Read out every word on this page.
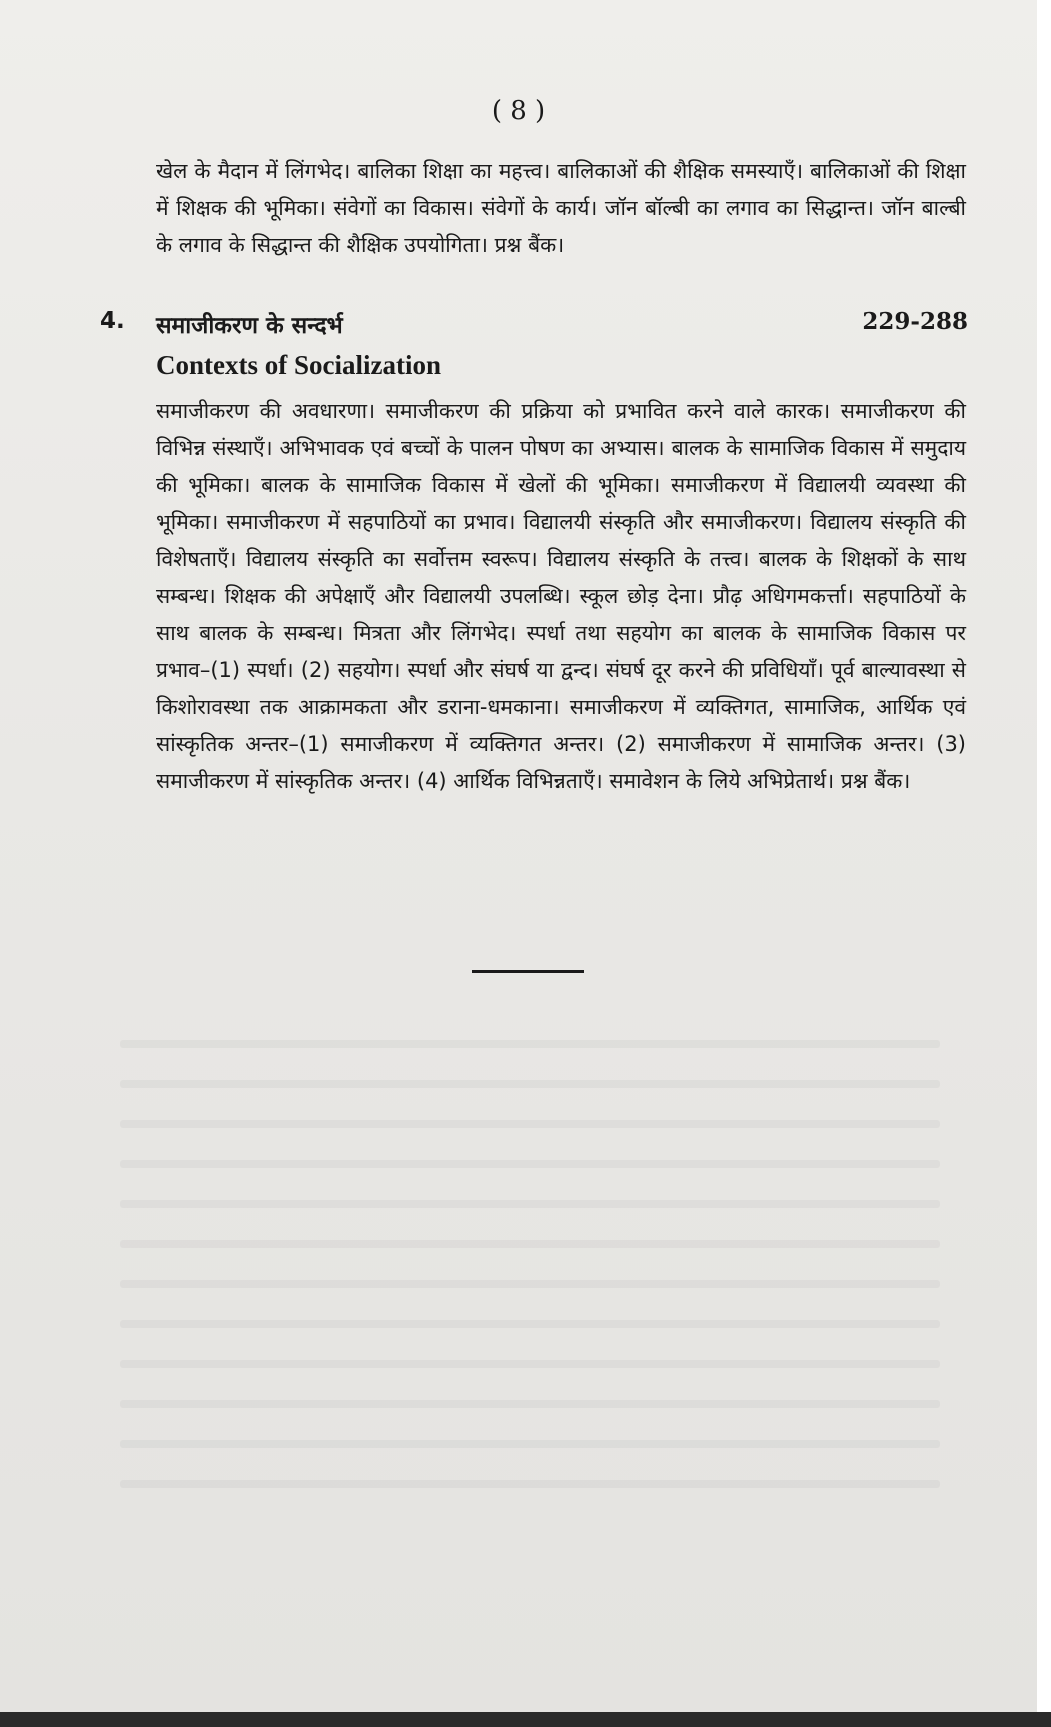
( 8 )
खेल के मैदान में लिंगभेद। बालिका शिक्षा का महत्त्व। बालिकाओं की शैक्षिक समस्याएँ। बालिकाओं की शिक्षा में शिक्षक की भूमिका। संवेगों का विकास। संवेगों के कार्य। जॉन बॉल्बी का लगाव का सिद्धान्त। जॉन बाल्बी के लगाव के सिद्धान्त की शैक्षिक उपयोगिता। प्रश्न बैंक।
4. समाजीकरण के सन्दर्भ	229-288
Contexts of Socialization
समाजीकरण की अवधारणा। समाजीकरण की प्रक्रिया को प्रभावित करने वाले कारक। समाजीकरण की विभिन्न संस्थाएँ। अभिभावक एवं बच्चों के पालन पोषण का अभ्यास। बालक के सामाजिक विकास में समुदाय की भूमिका। बालक के सामाजिक विकास में खेलों की भूमिका। समाजीकरण में विद्यालयी व्यवस्था की भूमिका। समाजीकरण में सहपाठियों का प्रभाव। विद्यालयी संस्कृति और समाजीकरण। विद्यालय संस्कृति की विशेषताएँ। विद्यालय संस्कृति का सर्वोत्तम स्वरूप। विद्यालय संस्कृति के तत्त्व। बालक के शिक्षकों के साथ सम्बन्ध। शिक्षक की अपेक्षाएँ और विद्यालयी उपलब्धि। स्कूल छोड़ देना। प्रौढ़ अधिगमकर्त्ता। सहपाठियों के साथ बालक के सम्बन्ध। मित्रता और लिंगभेद। स्पर्धा तथा सहयोग का बालक के सामाजिक विकास पर प्रभाव–(1) स्पर्धा। (2) सहयोग। स्पर्धा और संघर्ष या द्वन्द। संघर्ष दूर करने की प्रविधियाँ। पूर्व बाल्यावस्था से किशोरावस्था तक आक्रामकता और डराना-धमकाना। समाजीकरण में व्यक्तिगत, सामाजिक, आर्थिक एवं सांस्कृतिक अन्तर–(1) समाजीकरण में व्यक्तिगत अन्तर। (2) समाजीकरण में सामाजिक अन्तर। (3) समाजीकरण में सांस्कृतिक अन्तर। (4) आर्थिक विभिन्नताएँ। समावेशन के लिये अभिप्रेतार्थ। प्रश्न बैंक।
